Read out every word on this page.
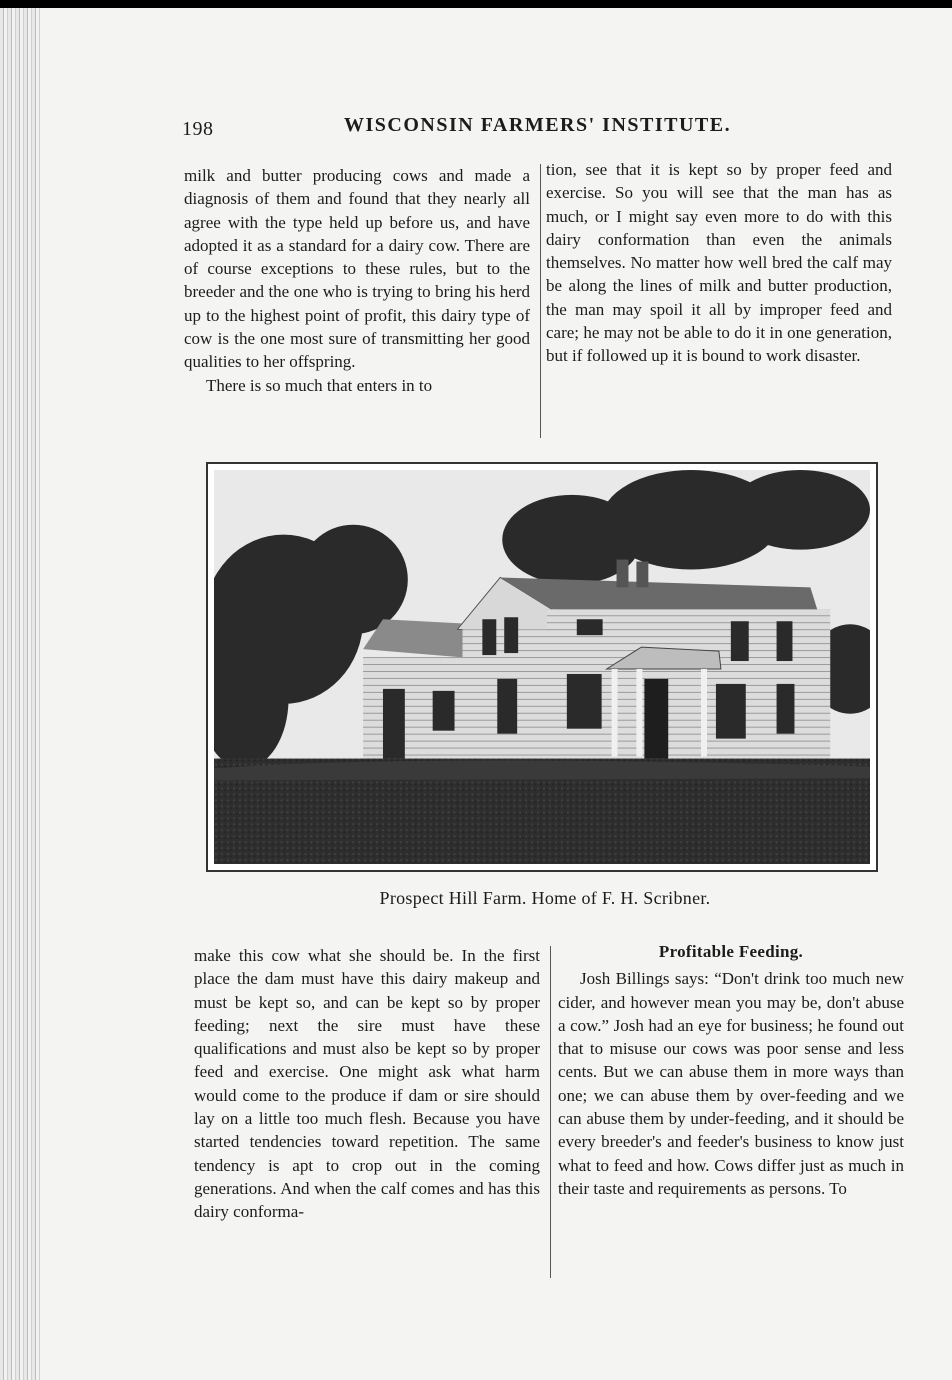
198	WISCONSIN FARMERS' INSTITUTE.

milk and butter producing cows and made a diagnosis of them and found that they nearly all agree with the type held up before us, and have adopted it as a standard for a dairy cow. There are of course exceptions to these rules, but to the breeder and the one who is trying to bring his herd up to the highest point of profit, this dairy type of cow is the one most sure of transmitting her good qualities to her offspring.

There is so much that enters in to

tion, see that it is kept so by proper feed and exercise. So you will see that the man has as much, or I might say even more to do with this dairy conformation than even the animals themselves. No matter how well bred the calf may be along the lines of milk and butter production, the man may spoil it all by improper feed and care; he may not be able to do it in one generation, but if followed up it is bound to work disaster.

Prospect Hill Farm. Home of F. H. Scribner.

make this cow what she should be. In the first place the dam must have this dairy makeup and must be kept so, and can be kept so by proper feeding; next the sire must have these qualifications and must also be kept so by proper feed and exercise. One might ask what harm would come to the produce if dam or sire should lay on a little too much flesh. Because you have started tendencies toward repetition. The same tendency is apt to crop out in the coming generations. And when the calf comes and has this dairy conforma-

Profitable Feeding.

Josh Billings says: “Don't drink too much new cider, and however mean you may be, don't abuse a cow.” Josh had an eye for business; he found out that to misuse our cows was poor sense and less cents. But we can abuse them in more ways than one; we can abuse them by over-feeding and we can abuse them by under-feeding, and it should be every breeder's and feeder's business to know just what to feed and how. Cows differ just as much in their taste and requirements as persons. To
